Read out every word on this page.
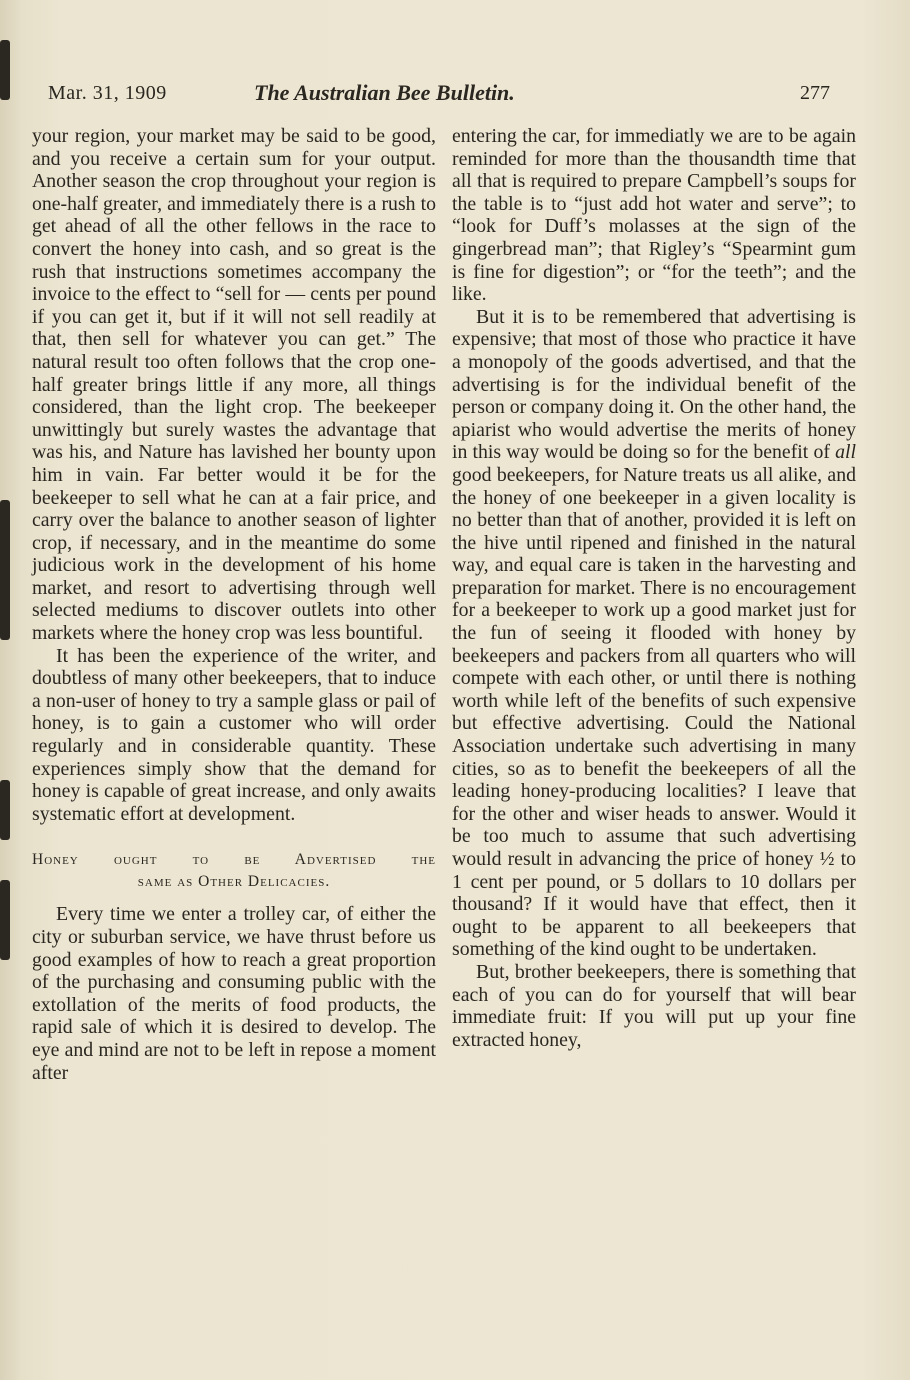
Mar. 31, 1909	The Australian Bee Bulletin.	277

your region, your market may be said to be good, and you receive a certain sum for your output. Another season the crop throughout your region is one-half greater, and immediately there is a rush to get ahead of all the other fellows in the race to convert the honey into cash, and so great is the rush that instructions sometimes accompany the invoice to the effect to “sell for — cents per pound if you can get it, but if it will not sell readily at that, then sell for whatever you can get.” The natural result too often follows that the crop one-half greater brings little if any more, all things considered, than the light crop. The beekeeper unwittingly but surely wastes the advantage that was his, and Nature has lavished her bounty upon him in vain. Far better would it be for the beekeeper to sell what he can at a fair price, and carry over the balance to another season of lighter crop, if necessary, and in the meantime do some judicious work in the development of his home market, and resort to advertising through well selected mediums to discover outlets into other markets where the honey crop was less bountiful.

It has been the experience of the writer, and doubtless of many other beekeepers, that to induce a non-user of honey to try a sample glass or pail of honey, is to gain a customer who will order regularly and in considerable quantity. These experiences simply show that the demand for honey is capable of great increase, and only awaits systematic effort at development.

Honey ought to be Advertised the
same as Other Delicacies.

Every time we enter a trolley car, of either the city or suburban service, we have thrust before us good examples of how to reach a great proportion of the purchasing and consuming public with the extollation of the merits of food products, the rapid sale of which it is desired to develop. The eye and mind are not to be left in repose a moment after

entering the car, for immediatly we are to be again reminded for more than the thousandth time that all that is required to prepare Campbell’s soups for the table is to “just add hot water and serve”; to “look for Duff’s molasses at the sign of the gingerbread man”; that Rigley’s “Spearmint gum is fine for digestion”; or “for the teeth”; and the like.

But it is to be remembered that advertising is expensive; that most of those who practice it have a monopoly of the goods advertised, and that the advertising is for the individual benefit of the person or company doing it. On the other hand, the apiarist who would advertise the merits of honey in this way would be doing so for the benefit of all good beekeepers, for Nature treats us all alike, and the honey of one beekeeper in a given locality is no better than that of another, provided it is left on the hive until ripened and finished in the natural way, and equal care is taken in the harvesting and preparation for market. There is no encouragement for a beekeeper to work up a good market just for the fun of seeing it flooded with honey by beekeepers and packers from all quarters who will compete with each other, or until there is nothing worth while left of the benefits of such expensive but effective advertising. Could the National Association undertake such advertising in many cities, so as to benefit the beekeepers of all the leading honey-producing localities? I leave that for the other and wiser heads to answer. Would it be too much to assume that such advertising would result in advancing the price of honey ½ to 1 cent per pound, or 5 dollars to 10 dollars per thousand? If it would have that effect, then it ought to be apparent to all beekeepers that something of the kind ought to be undertaken.

But, brother beekeepers, there is something that each of you can do for yourself that will bear immediate fruit: If you will put up your fine extracted honey,
